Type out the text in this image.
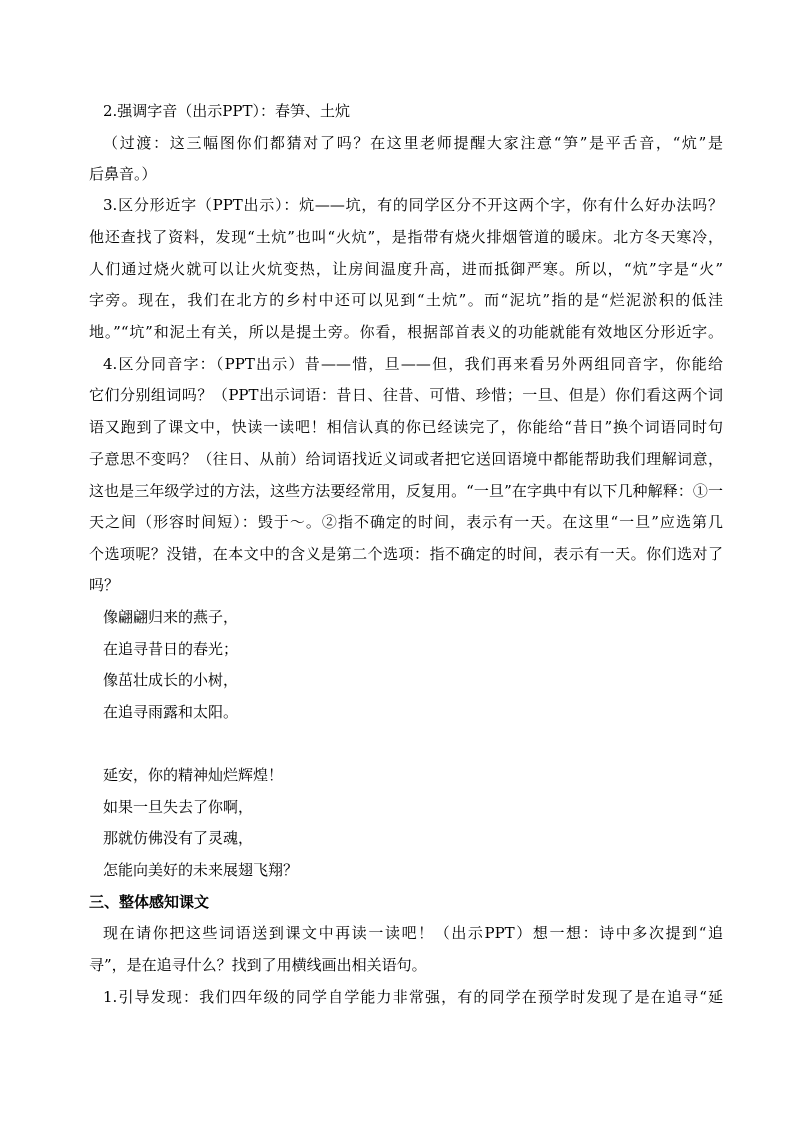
2.强调字音（出示PPT）：春笋、土炕
（过渡：这三幅图你们都猜对了吗？在这里老师提醒大家注意“笋”是平舌音，“炕”是
后鼻音。）
3.区分形近字（PPT出示）：炕——坑，有的同学区分不开这两个字，你有什么好办法吗？
他还查找了资料，发现“土炕”也叫“火炕”，是指带有烧火排烟管道的暖床。北方冬天寒冷，
人们通过烧火就可以让火炕变热，让房间温度升高，进而抵御严寒。所以，“炕”字是“火”
字旁。现在，我们在北方的乡村中还可以见到“土炕”。而“泥坑”指的是“烂泥淤积的低洼
地。”“坑”和泥土有关，所以是提土旁。你看，根据部首表义的功能就能有效地区分形近字。
4.区分同音字：（PPT出示）昔——惜，旦——但，我们再来看另外两组同音字，你能给
它们分别组词吗？（PPT出示词语：昔日、往昔、可惜、珍惜；一旦、但是）你们看这两个词
语又跑到了课文中，快读一读吧！相信认真的你已经读完了，你能给“昔日”换个词语同时句
子意思不变吗？（往日、从前）给词语找近义词或者把它送回语境中都能帮助我们理解词意，
这也是三年级学过的方法，这些方法要经常用，反复用。“一旦”在字典中有以下几种解释：①一
天之间（形容时间短）：毁于～。②指不确定的时间，表示有一天。在这里“一旦”应选第几
个选项呢？没错，在本文中的含义是第二个选项：指不确定的时间，表示有一天。你们选对了
吗？
像翩翩归来的燕子，
在追寻昔日的春光；
像茁壮成长的小树，
在追寻雨露和太阳。
延安，你的精神灿烂辉煌！
如果一旦失去了你啊，
那就仿佛没有了灵魂，
怎能向美好的未来展翅飞翔？
三、整体感知课文
现在请你把这些词语送到课文中再读一读吧！（出示PPT）想一想：诗中多次提到“追
寻”，是在追寻什么？找到了用横线画出相关语句。
1.引导发现：我们四年级的同学自学能力非常强，有的同学在预学时发现了是在追寻“延
